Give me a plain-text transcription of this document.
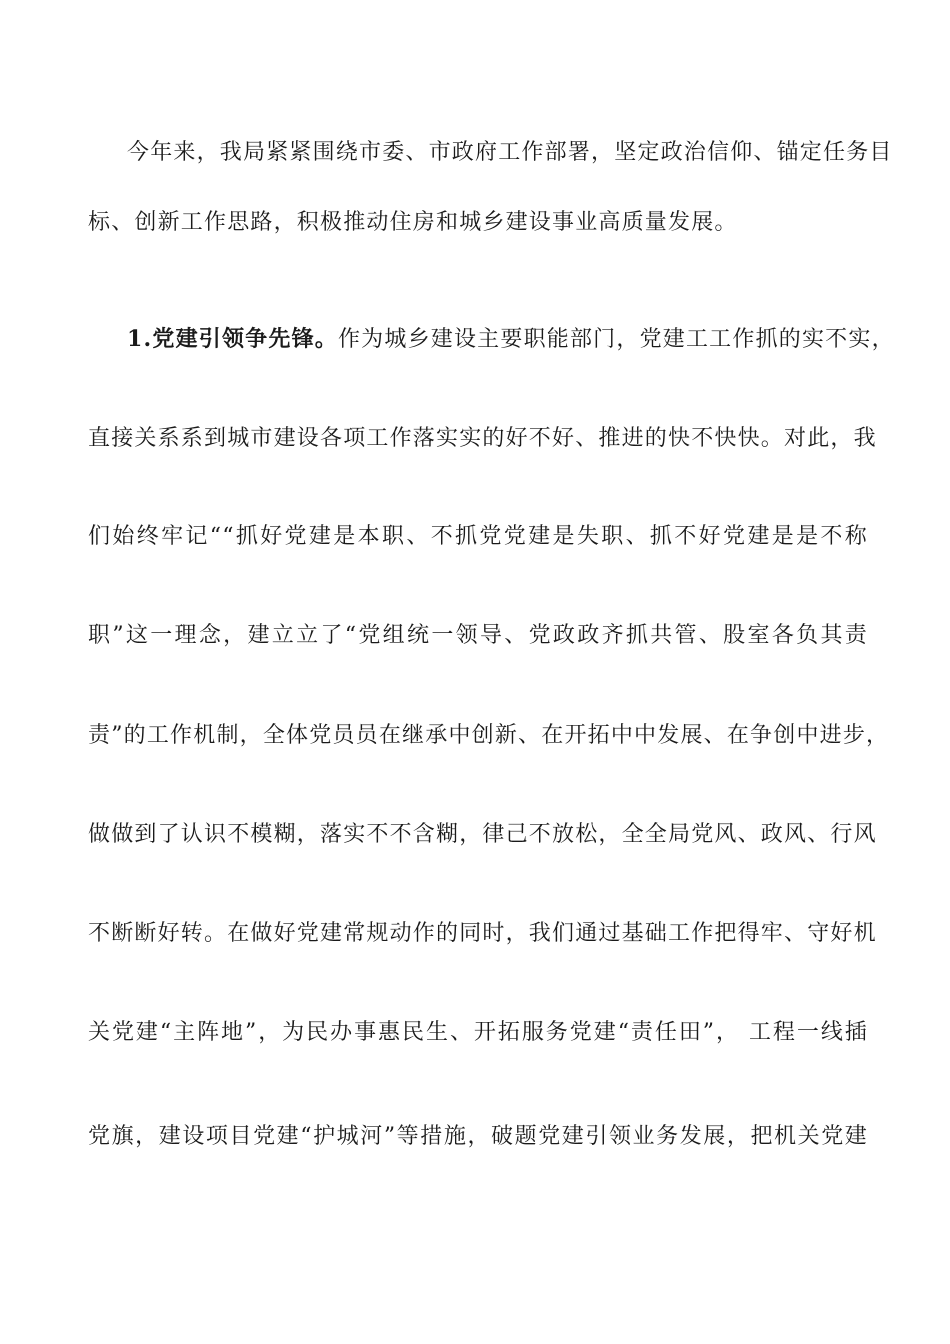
今年来，我局紧紧围绕市委、市政府工作部署，坚定政治信仰、锚定任务目
标、创新工作思路，积极推动住房和城乡建设事业高质量发展。
1.党建引领争先锋。作为城乡建设主要职能部门，党建工工作抓的实不实，
直接关系系到城市建设各项工作落实实的好不好、推进的快不快快。对此，我
们始终牢记““抓好党建是本职、不抓党党建是失职、抓不好党建是是不称
职”这一理念，建立立了“党组统一领导、党政政齐抓共管、股室各负其责
责”的工作机制，全体党员员在继承中创新、在开拓中中发展、在争创中进步，
做做到了认识不模糊，落实不不含糊，律己不放松，全全局党风、政风、行风
不断断好转。在做好党建常规动作的同时，我们通过基础工作把得牢、守好机
关党建“主阵地”，为民办事惠民生、开拓服务党建“责任田”， 工程一线插
党旗，建设项目党建“护城河”等措施，破题党建引领业务发展，把机关党建
